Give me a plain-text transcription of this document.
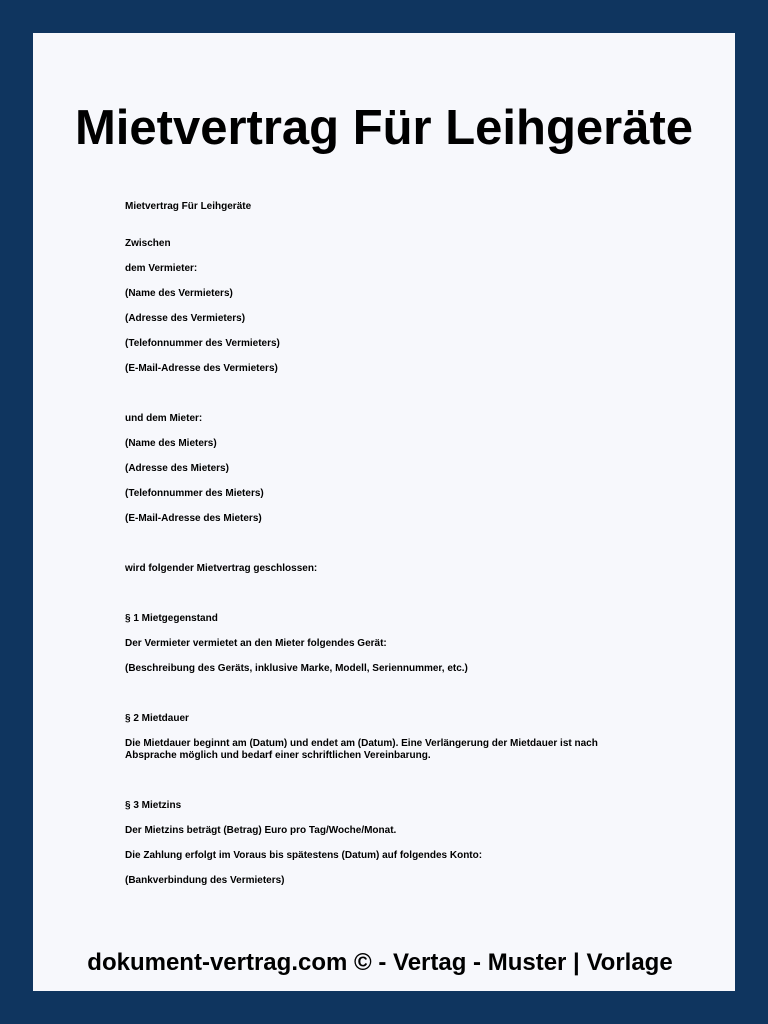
Mietvertrag Für Leihgeräte
Mietvertrag Für Leihgeräte
Zwischen
dem Vermieter:
(Name des Vermieters)
(Adresse des Vermieters)
(Telefonnummer des Vermieters)
(E-Mail-Adresse des Vermieters)
und dem Mieter:
(Name des Mieters)
(Adresse des Mieters)
(Telefonnummer des Mieters)
(E-Mail-Adresse des Mieters)
wird folgender Mietvertrag geschlossen:
§ 1 Mietgegenstand
Der Vermieter vermietet an den Mieter folgendes Gerät:
(Beschreibung des Geräts, inklusive Marke, Modell, Seriennummer, etc.)
§ 2 Mietdauer
Die Mietdauer beginnt am (Datum) und endet am (Datum). Eine Verlängerung der Mietdauer ist nach Absprache möglich und bedarf einer schriftlichen Vereinbarung.
§ 3 Mietzins
Der Mietzins beträgt (Betrag) Euro pro Tag/Woche/Monat.
Die Zahlung erfolgt im Voraus bis spätestens (Datum) auf folgendes Konto:
(Bankverbindung des Vermieters)
dokument-vertrag.com © - Vertag - Muster | Vorlage
